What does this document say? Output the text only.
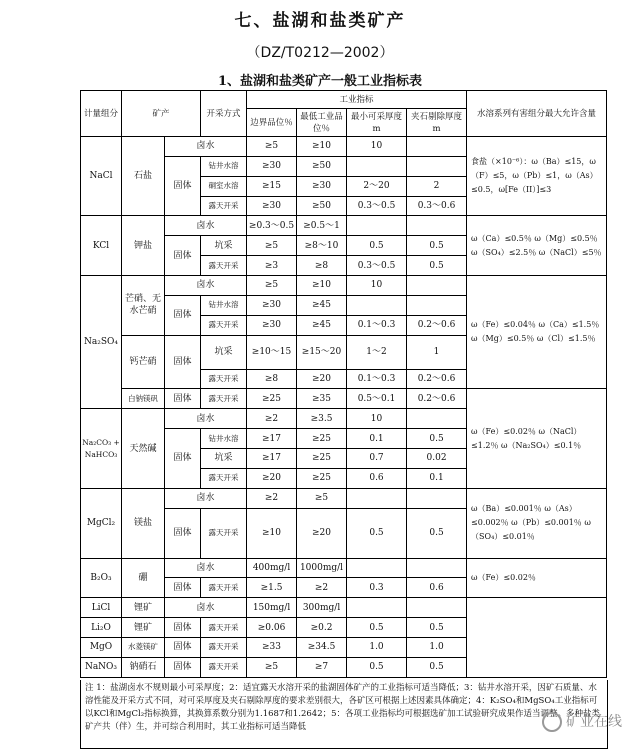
七、盐湖和盐类矿产
（DZ/T0212—2002）
1、盐湖和盐类矿产一般工业指标表
计量组分	矿产		开采方式	工业指标				水溶系列有害组分最大允许含量
				边界品位％	最低工业品位％	最小可采厚度m	夹石剔除厚度m	
NaCl	石盐	卤水		≥5	≥10	10		食盐（×10⁻⁶）：ω（Ba）≤15，ω（F）≤5，ω（Pb）≤1，ω（As）≤0.5，ω[Fe（II）]≤3
		固体	钻井水溶	≥30	≥50			
			硐室水溶	≥15	≥30	2～20	2	
			露天开采	≥30	≥50	0.3～0.5	0.3～0.6	
KCl	钾盐	卤水		≥0.3～0.5	≥0.5～1			ω（Ca）≤0.5％ ω（Mg）≤0.5％ ω（SO₄）≤2.5％ ω（NaCl）≤5％
		固体	坑采	≥5	≥8～10	0.5	0.5	
			露天开采	≥3	≥8	0.3～0.5	0.5	
Na₂SO₄	芒硝、无水芒硝	卤水		≥5	≥10	10		ω（Fe）≤0.04％ ω（Ca）≤1.5％ ω（Mg）≤0.5％ ω（Cl）≤1.5％
		固体	钻井水溶	≥30	≥45			
			露天开采	≥30	≥45	0.1～0.3	0.2～0.6	
	钙芒硝	固体	坑采	≥10～15	≥15～20	1～2	1	
			露天开采	≥8	≥20	0.1～0.3	0.2～0.6	
	白钠镁矾	固体	露天开采	≥25	≥35	0.5～0.1	0.2～0.6	ω（Fe）≤0.02％ ω（NaCl）≤1.2％ ω（Na₂SO₄）≤0.1％
Na₂CO₃ + NaHCO₃	天然碱	卤水		≥2	≥3.5	10		
		固体	钻井水溶	≥17	≥25	0.1	0.5	
			坑采	≥17	≥25	0.7	0.02	
			露天开采	≥20	≥25	0.6	0.1	
MgCl₂	镁盐	卤水		≥2	≥5			ω（Ba）≤0.001％ ω（As）≤0.002％ ω（Pb）≤0.001％ ω（SO₄）≤0.01％
		固体	露天开采	≥10	≥20	0.5	0.5	
B₂O₃	硼	卤水		400mg/l	1000mg/l			ω（Fe）≤0.02％
		固体	露天开采	≥1.5	≥2	0.3	0.6	
LiCl	锂矿	卤水		150mg/l	300mg/l			
Li₂O	锂矿	固体	露天开采	≥0.06	≥0.2	0.5	0.5	
MgO	水菱镁矿	固体	露天开采	≥33	≥34.5	1.0	1.0	
NaNO₃	钠硝石	固体	露天开采	≥5	≥7	0.5	0.5	
注 1：盐湖卤水不规则最小可采厚度；2：适宜露天水溶开采的盐湖固体矿产的工业指标可适当降低；3：钻井水溶开采，因矿石质量、水溶性能及开采方式不同，对可采厚度及夹石剔除厚度的要求差别很大，各矿区可根据上述因素具体确定；4：K₂SO₄和MgSO₄工业指标可以KCl和MgCl₂指标换算，其换算系数分别为1.1687和1.2642；5：各项工业指标均可根据选矿加工试验研究成果作适当调整。多种盐类矿产共（伴）生，并可综合利用时，其工业指标可适当降低	矿业在线
